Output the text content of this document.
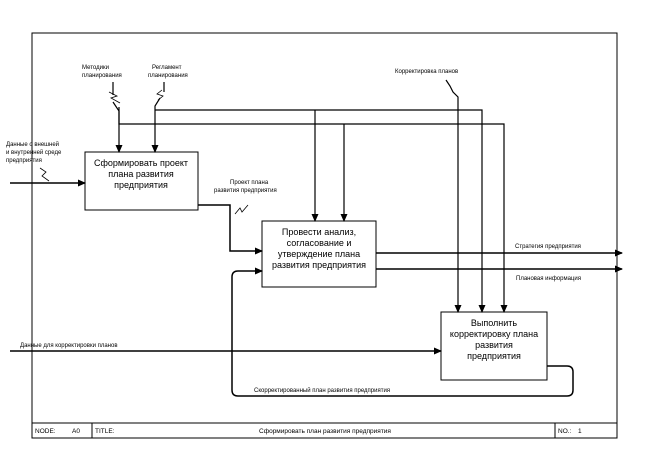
Сформировать проект
плана развития
предприятия
Провести анализ,
согласование и
утверждение плана
развития предприятия
Выполнить
корректировку плана
развития
предприятия
Методики
планирования
Регламент
планирования
Корректировка планов
Данные о внешней
и внутренней среде
предприятия
Проект плана
развития предприятия
Стратегия предприятия
Плановая информация
Данные для корректировки планов
Скорректированный план развития предприятия
NODE:	A0 TITLE:	Сформировать план развития предприятия	NO.: 1
